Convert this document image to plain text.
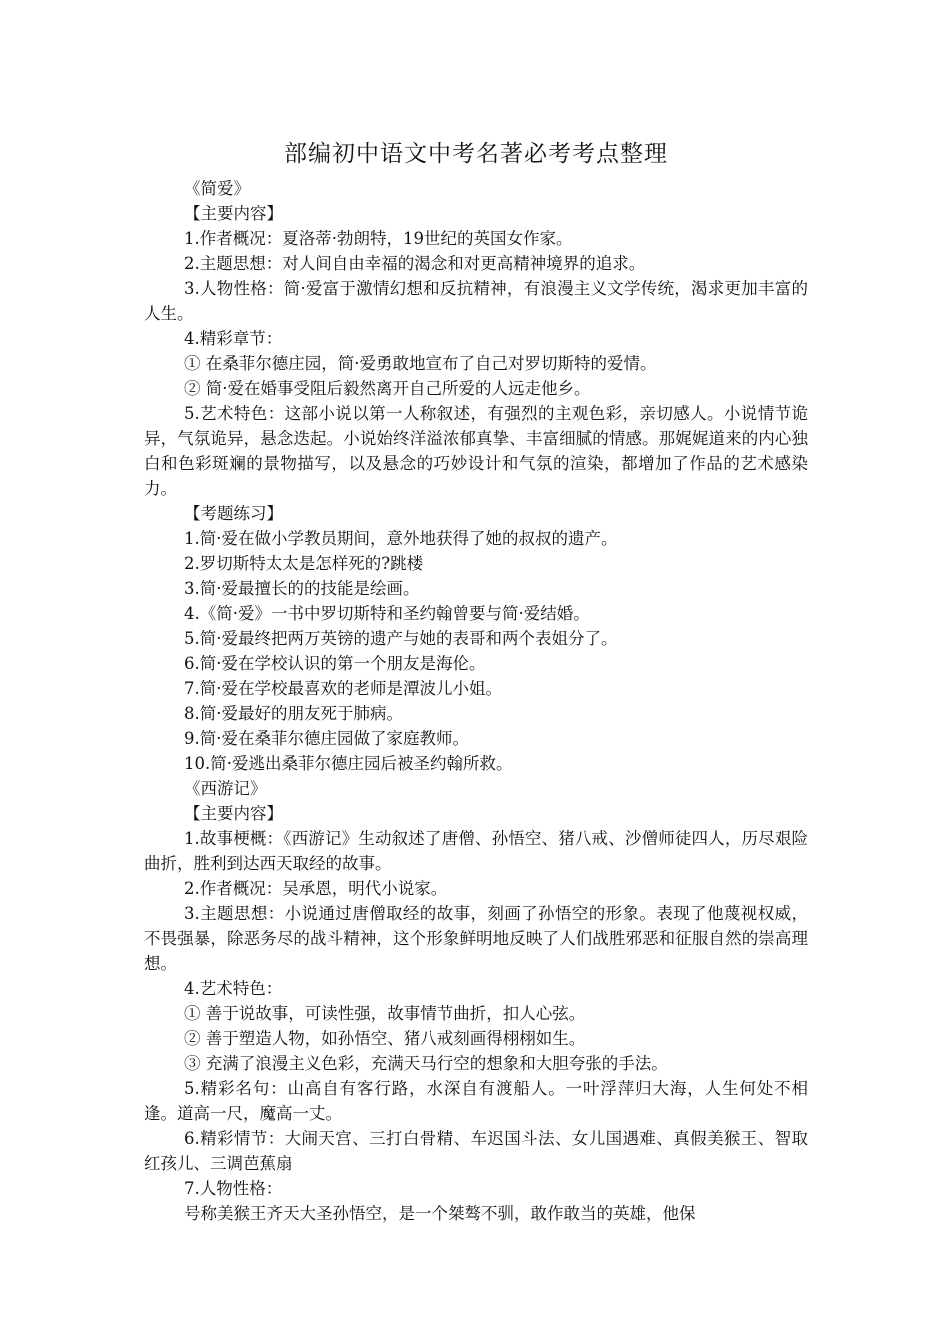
部编初中语文中考名著必考考点整理

《简爱》

【主要内容】

1.作者概况：夏洛蒂·勃朗特，19世纪的英国女作家。

2.主题思想：对人间自由幸福的渴念和对更高精神境界的追求。

3.人物性格：简·爱富于激情幻想和反抗精神，有浪漫主义文学传统，渴求更加丰富的人生。

4.精彩章节：

① 在桑菲尔德庄园，简·爱勇敢地宣布了自己对罗切斯特的爱情。

② 简·爱在婚事受阻后毅然离开自己所爱的人远走他乡。

5.艺术特色：这部小说以第一人称叙述，有强烈的主观色彩，亲切感人。小说情节诡异，气氛诡异，悬念迭起。小说始终洋溢浓郁真挚、丰富细腻的情感。那娓娓道来的内心独白和色彩斑斓的景物描写，以及悬念的巧妙设计和气氛的渲染，都增加了作品的艺术感染力。

【考题练习】

1.简·爱在做小学教员期间，意外地获得了她的叔叔的遗产。

2.罗切斯特太太是怎样死的?跳楼

3.简·爱最擅长的的技能是绘画。

4.《简·爱》一书中罗切斯特和圣约翰曾要与简·爱结婚。

5.简·爱最终把两万英镑的遗产与她的表哥和两个表姐分了。

6.简·爱在学校认识的第一个朋友是海伦。

7.简·爱在学校最喜欢的老师是潭波儿小姐。

8.简·爱最好的朋友死于肺病。

9.简·爱在桑菲尔德庄园做了家庭教师。

10.简·爱逃出桑菲尔德庄园后被圣约翰所救。

《西游记》

【主要内容】

1.故事梗概：《西游记》生动叙述了唐僧、孙悟空、猪八戒、沙僧师徒四人，历尽艰险曲折，胜利到达西天取经的故事。

2.作者概况：吴承恩，明代小说家。

3.主题思想：小说通过唐僧取经的故事，刻画了孙悟空的形象。表现了他蔑视权威，不畏强暴，除恶务尽的战斗精神，这个形象鲜明地反映了人们战胜邪恶和征服自然的崇高理想。

4.艺术特色：

① 善于说故事，可读性强，故事情节曲折，扣人心弦。

② 善于塑造人物，如孙悟空、猪八戒刻画得栩栩如生。

③ 充满了浪漫主义色彩，充满天马行空的想象和大胆夸张的手法。

5.精彩名句：山高自有客行路，水深自有渡船人。一叶浮萍归大海，人生何处不相逢。道高一尺，魔高一丈。

6.精彩情节：大闹天宫、三打白骨精、车迟国斗法、女儿国遇难、真假美猴王、智取红孩儿、三调芭蕉扇

7.人物性格：

号称美猴王齐天大圣孙悟空，是一个桀骜不驯，敢作敢当的英雄，他保
